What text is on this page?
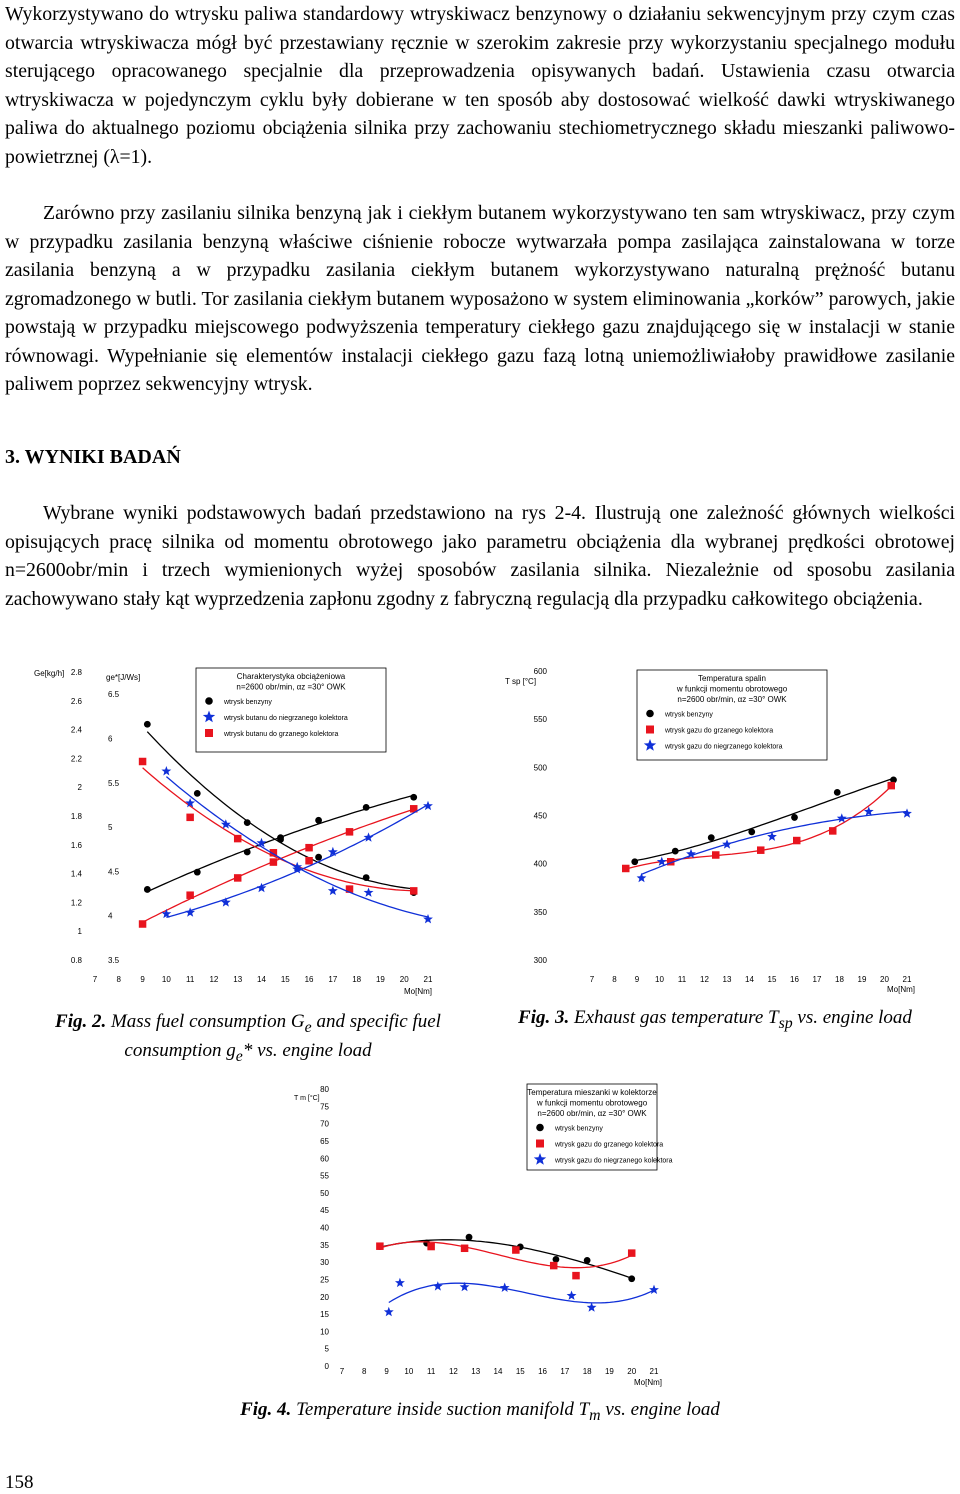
Wykorzystywano do wtrysku paliwa standardowy wtryskiwacz benzynowy o działaniu sekwencyjnym przy czym czas otwarcia wtryskiwacza mógł być przestawiany ręcznie w szerokim zakresie przy wykorzystaniu specjalnego modułu sterującego opracowanego specjalnie dla przeprowadzenia opisywanych badań. Ustawienia czasu otwarcia wtryskiwacza w pojedynczym cyklu były dobierane w ten sposób aby dostosować wielkość dawki wtryskiwanego paliwa do aktualnego poziomu obciążenia silnika przy zachowaniu stechiometrycznego składu mieszanki paliwowo-powietrznej (λ=1).

Zarówno przy zasilaniu silnika benzyną jak i ciekłym butanem wykorzystywano ten sam wtryskiwacz, przy czym w przypadku zasilania benzyną właściwe ciśnienie robocze wytwarzała pompa zasilająca zainstalowana w torze zasilania benzyną a w przypadku zasilania ciekłym butanem wykorzystywano naturalną prężność butanu zgromadzonego w butli. Tor zasilania ciekłym butanem wyposażono w system eliminowania „korków” parowych, jakie powstają w przypadku miejscowego podwyższenia temperatury ciekłego gazu znajdującego się w instalacji w stanie równowagi. Wypełnianie się elementów instalacji ciekłego gazu fazą lotną uniemożliwiałoby prawidłowe zasilanie paliwem poprzez sekwencyjny wtrysk.

3. WYNIKI BADAŃ

Wybrane wyniki podstawowych badań przedstawiono na rys 2-4. Ilustrują one zależność głównych wielkości opisujących pracę silnika od momentu obrotowego jako parametru obciążenia dla wybranej prędkości obrotowej n=2600obr/min i trzech wymienionych wyżej sposobów zasilania silnika. Niezależnie od sposobu zasilania zachowywano stały kąt wyprzedzenia zapłonu zgodny z fabryczną regulacją dla przypadku całkowitego obciążenia.

2.8
2.6
2.4
2.2
2
1.8
1.6
1.4
1.2
1
0.8
6.5
6
5.5
5
4.5
4
3.5
Ge[kg/h]	ge*[J/Ws]
7 8 9 10 11 12 13 14 15 16 17 18 19 20 21
Mo[Nm]
Charakterystyka obciążeniowa
n=2600 obr/min, αz =30° OWK
wtrysk benzyny
wtrysk butanu do niegrzanego kolektora
wtrysk butanu do grzanego kolektora
Fig. 2. Mass fuel consumption $G_e$ and specific fuel consumption $g_e*$ vs. engine load
600
550
500
450
400
350
300
T sp [°C]
7 8 9 10 11 12 13 14 15 16 17 18 19 20 21
Mo[Nm]
Temperatura spalin
w funkcji momentu obrotowego
n=2600 obr/min, αz =30° OWK
wtrysk benzyny
wtrysk gazu do grzanego kolektora
wtrysk gazu do niegrzanego kolektora
Fig. 3. Exhaust gas temperature $T_{sp}$ vs. engine load
80
75
70
65
60
55
50
45
40
35
30
25
20
15
10
5
0
T m [°C]
7 8 9 10 11 12 13 14 15 16 17 18 19 20 21
Mo[Nm]
Temperatura mieszanki w kolektorze
w funkcji momentu obrotowego
n=2600 obr/min, αz =30° OWK
wtrysk benzyny
wtrysk gazu do grzanego kolektora
wtrysk gazu do niegrzanego kolektora
Fig. 4. Temperature inside suction manifold $T_m$ vs. engine load
158
